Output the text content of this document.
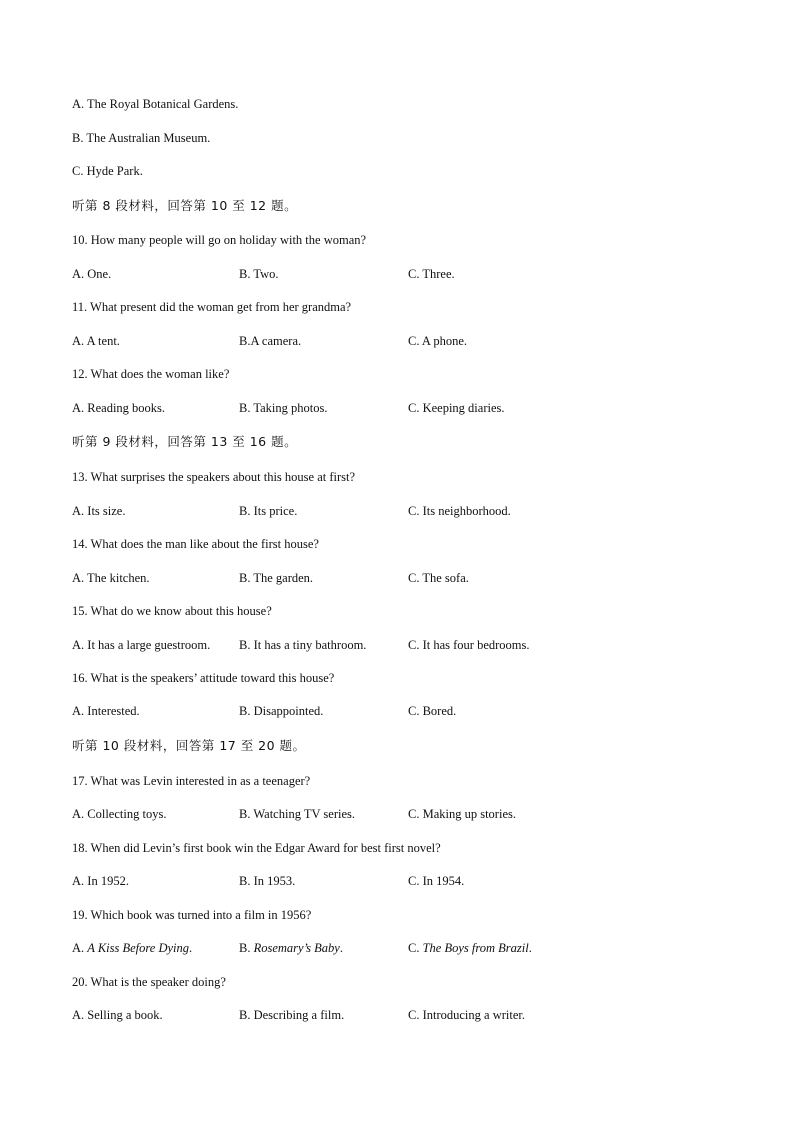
A. The Royal Botanical Gardens.
B. The Australian Museum.
C. Hyde Park.
听第 8 段材料，回答第 10 至 12 题。
10. How many people will go on holiday with the woman?
A. One.	B. Two.	C. Three.
11. What present did the woman get from her grandma?
A. A tent.	B.A camera.	C. A phone.
12. What does the woman like?
A. Reading books.	B. Taking photos.	C. Keeping diaries.
听第 9 段材料，回答第 13 至 16 题。
13. What surprises the speakers about this house at first?
A. Its size.	B. Its price.	C. Its neighborhood.
14. What does the man like about the first house?
A. The kitchen.	B. The garden.	C. The sofa.
15. What do we know about this house?
A. It has a large guestroom. B. It has a tiny bathroom.	C. It has four bedrooms.
16. What is the speakers’ attitude toward this house?
A. Interested.	B. Disappointed.	C. Bored.
听第 10 段材料，回答第 17 至 20 题。
17. What was Levin interested in as a teenager?
A. Collecting toys.	B. Watching TV series.	C. Making up stories.
18. When did Levin’s first book win the Edgar Award for best first novel?
A. In 1952.	B. In 1953.	C. In 1954.
19. Which book was turned into a film in 1956?
A. A Kiss Before Dying.	B. Rosemary’s Baby.	C. The Boys from Brazil.
20. What is the speaker doing?
A. Selling a book.	B. Describing a film.	C. Introducing a writer.
